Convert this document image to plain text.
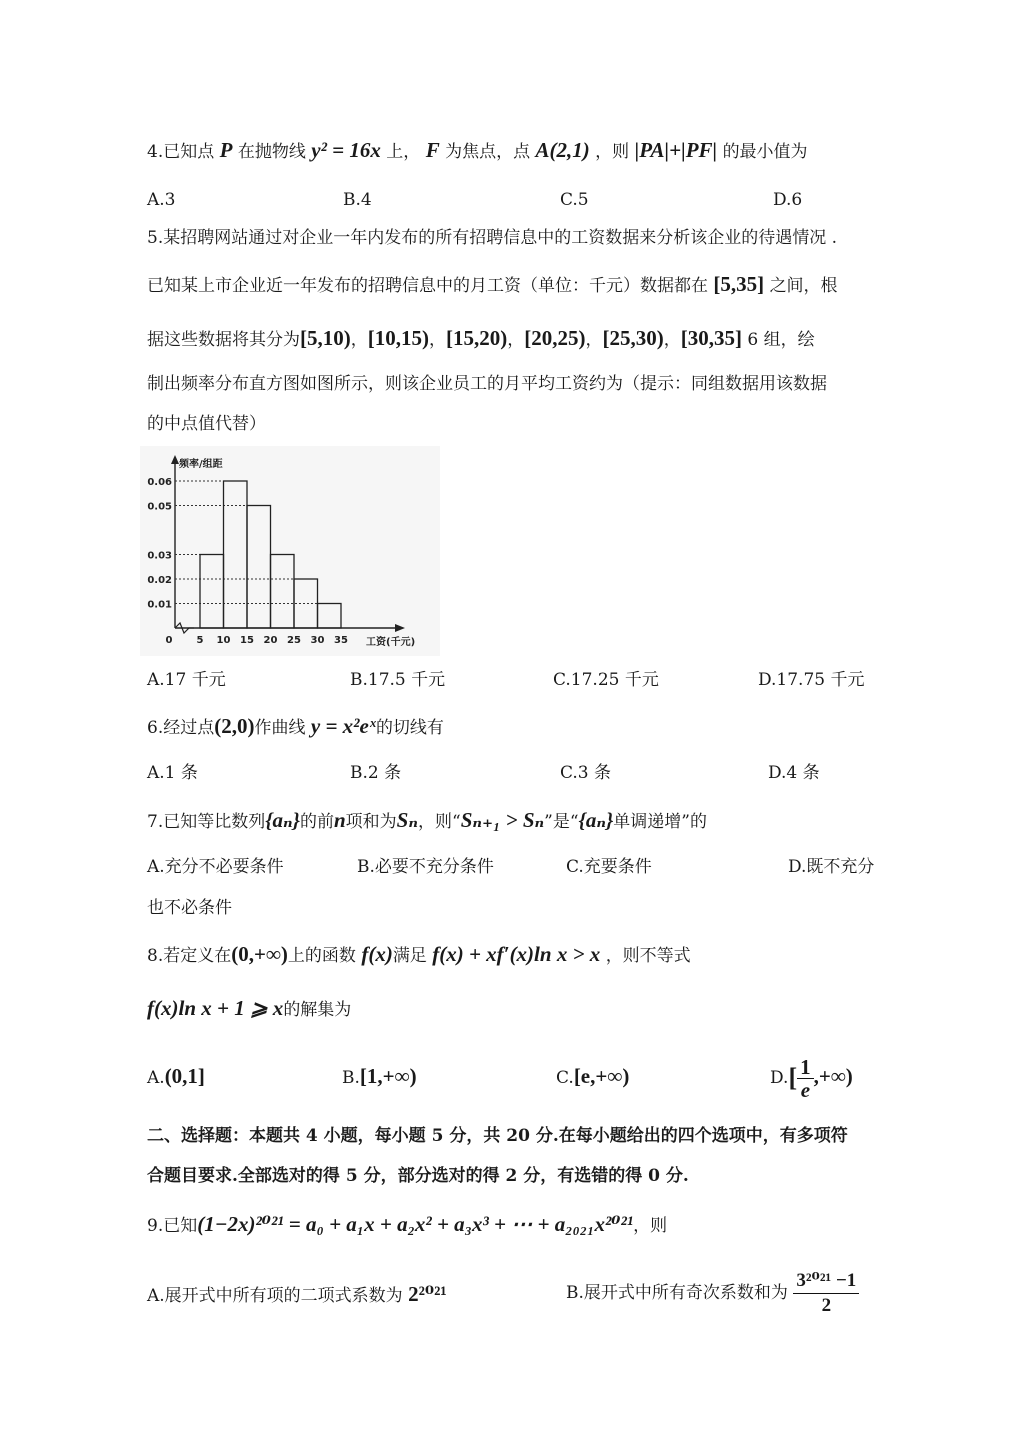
4.已知点 P 在抛物线 y² = 16x 上， F 为焦点，点 A(2,1) ，则 |PA|+|PF| 的最小值为
A.3	B.4	C.5	D.6
5.某招聘网站通过对企业一年内发布的所有招聘信息中的工资数据来分析该企业的待遇情况 .
已知某上市企业近一年发布的招聘信息中的月工资（单位：千元）数据都在 [5,35] 之间，根
据这些数据将其分为[5,10)，[10,15)，[15,20)，[20,25)，[25,30)，[30,35] 6 组，绘
制出频率分布直方图如图所示，则该企业员工的月平均工资约为（提示：同组数据用该数据
的中点值代替）
0.01
0.02
0.03
0.05
0.06
0 5 10 15 20 25 30 35
频率/组距
工资(千元)
A.17 千元	B.17.5 千元	C.17.25 千元	D.17.75 千元
6.经过点(2,0)作曲线 y = x²eˣ的切线有
A.1 条	B.2 条	C.3 条	D.4 条
7.已知等比数列{aₙ}的前n项和为Sₙ，则“Sₙ₊₁ > Sₙ”是“{aₙ}单调递增”的
A.充分不必要条件	B.必要不充分条件	C.充要条件	D.既不充分
也不必条件
8.若定义在(0,+∞)上的函数 f(x)满足 f(x) + xf′(x)ln x > x ，则不等式
f(x)ln x + 1 ⩾ x的解集为
A.(0,1]	B.[1,+∞)	C.[e,+∞)	$D.[ \frac{1}{e}$ ,+∞)
二、选择题：本题共 4 小题，每小题 5 分，共 20 分.在每小题给出的四个选项中，有多项符
合题目要求.全部选对的得 5 分，部分选对的得 2 分，有选错的得 0 分.
9.已知(1−2x)²⁰²¹ = a₀ + a₁x + a₂x² + a₃x³ + ⋯ + a₂₀₂₁x²⁰²¹，则
A.展开式中所有项的二项式系数为 2²⁰²¹	B.展开式中所有奇次系数和为 $\frac{\text{3²⁰²¹ −1}}{2}$
